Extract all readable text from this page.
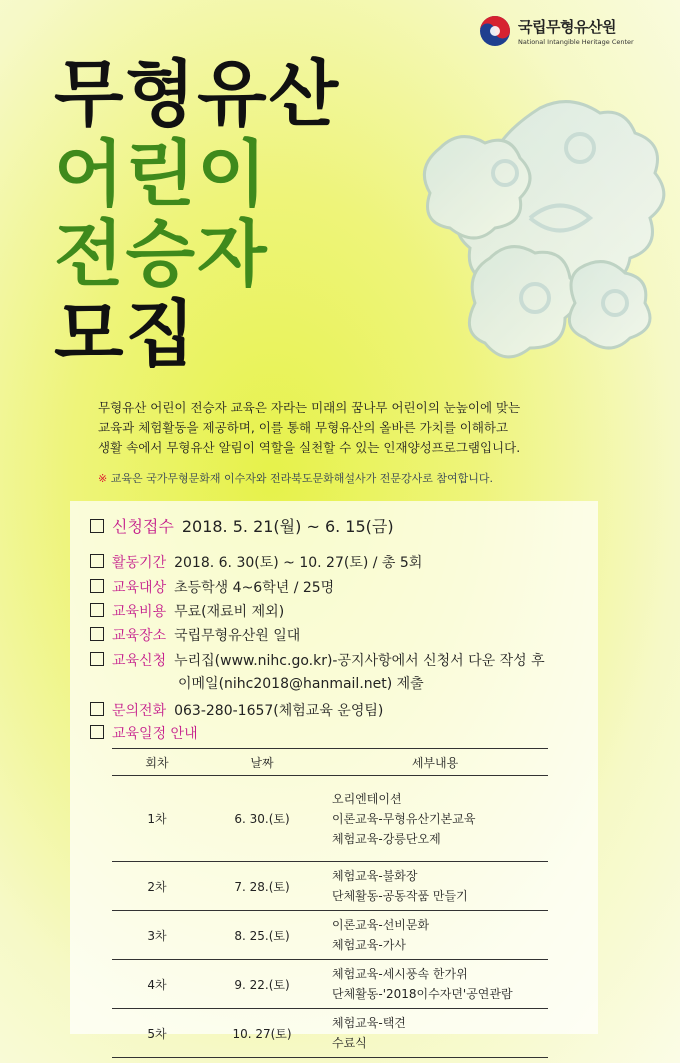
국립무형유산원
National Intangible Heritage Center
무형유산
어린이
전승자
모집
무형유산 어린이 전승자 교육은 자라는 미래의 꿈나무 어린이의 눈높이에 맞는
교육과 체험활동을 제공하며, 이를 통해 무형유산의 올바른 가치를 이해하고
생활 속에서 무형유산 알림이 역할을 실천할 수 있는 인재양성프로그램입니다.
※ 교육은 국가무형문화재 이수자와 전라북도문화해설사가 전문강사로 참여합니다.
신청접수 2018. 5. 21(월) ~ 6. 15(금)
활동기간 2018. 6. 30(토) ~ 10. 27(토) / 총 5회
교육대상 초등학생 4~6학년 / 25명
교육비용 무료(재료비 제외)
교육장소 국립무형유산원 일대
교육신청 누리집(www.nihc.go.kr)-공지사항에서 신청서 다운 작성 후
이메일(nihc2018@hanmail.net) 제출
문의전화 063-280-1657(체험교육 운영팀)
교육일정 안내
회차	날짜	세부내용
1차	6. 30.(토)	오리엔테이션
이론교육-무형유산기본교육
체험교육-강릉단오제

2차	7. 28.(토)	체험교육-불화장
단체활동-공동작품 만들기

3차	8. 25.(토)	이론교육-선비문화
체험교육-가사

4차	9. 22.(토)	체험교육-세시풍속 한가위
단체활동-'2018이수자뎐'공연관람

5차	10. 27(토)	체험교육-택견
수료식
